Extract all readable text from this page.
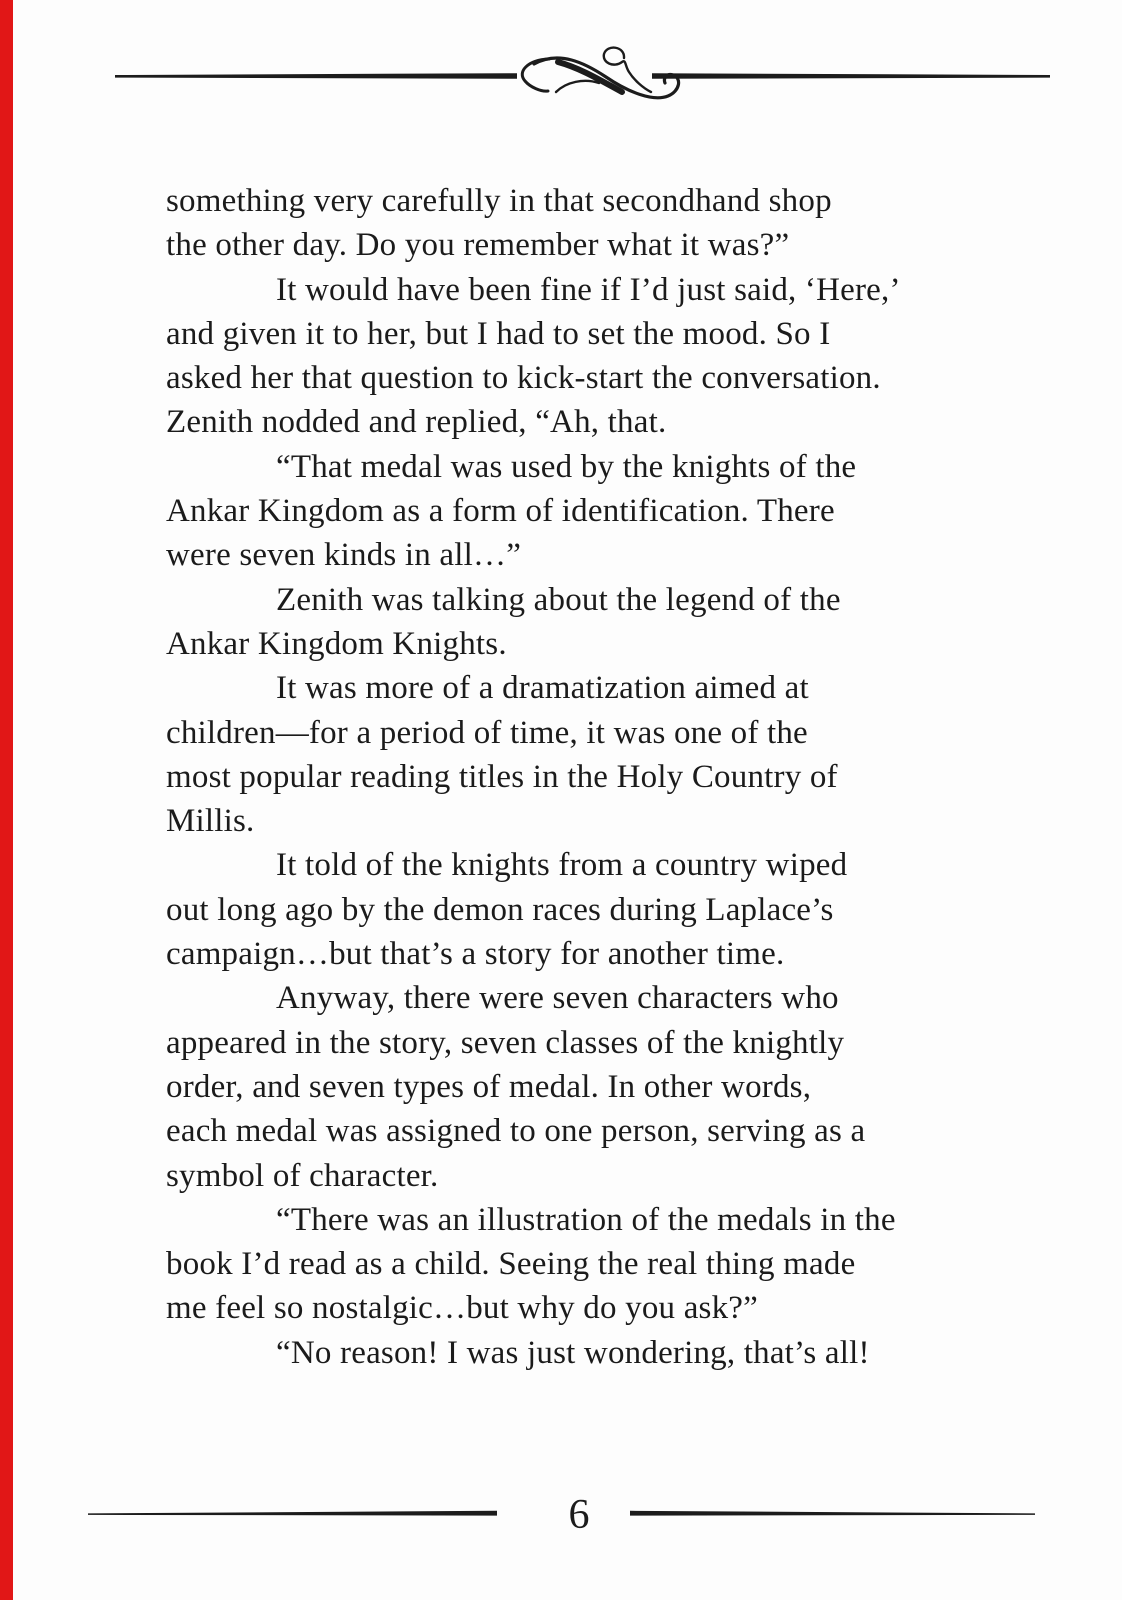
something very carefully in that secondhand shop
the other day. Do you remember what it was?”
It would have been fine if I’d just said, ‘Here,’
and given it to her, but I had to set the mood. So I
asked her that question to kick-start the conversation.
Zenith nodded and replied, “Ah, that.
“That medal was used by the knights of the
Ankar Kingdom as a form of identification. There
were seven kinds in all…”
Zenith was talking about the legend of the
Ankar Kingdom Knights.
It was more of a dramatization aimed at
children—for a period of time, it was one of the
most popular reading titles in the Holy Country of
Millis.
It told of the knights from a country wiped
out long ago by the demon races during Laplace’s
campaign…but that’s a story for another time.
Anyway, there were seven characters who
appeared in the story, seven classes of the knightly
order, and seven types of medal. In other words,
each medal was assigned to one person, serving as a
symbol of character.
“There was an illustration of the medals in the
book I’d read as a child. Seeing the real thing made
me feel so nostalgic…but why do you ask?”
“No reason! I was just wondering, that’s all!
6
